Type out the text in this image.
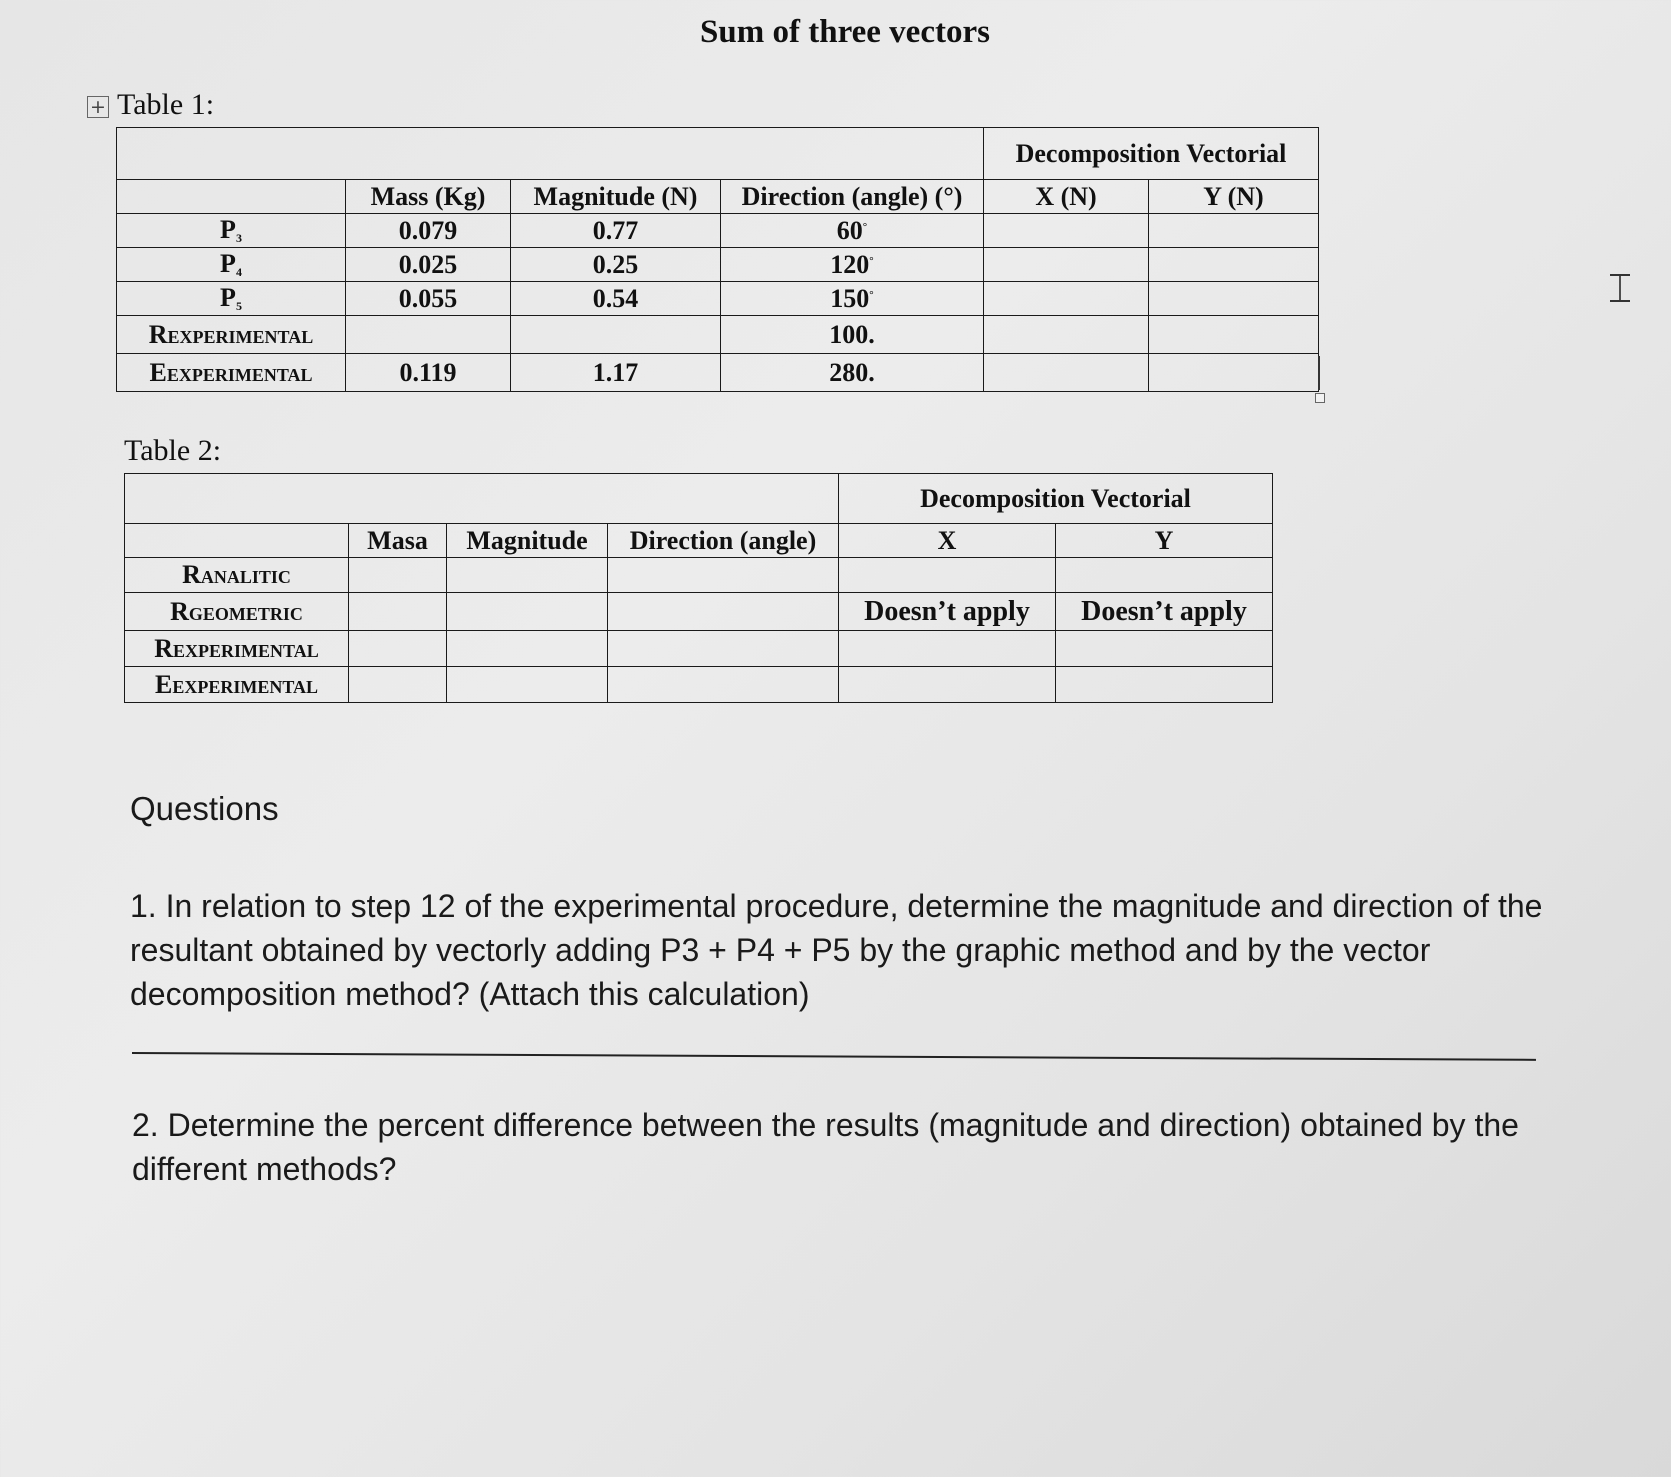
Sum of three vectors
+ Table 1:
				Decomposition Vectorial	
	Mass (Kg)	Magnitude (N)	Direction (angle) (°)	X (N)	Y (N)
$P_3$	0.079	0.77	60°		
$P_4$	0.025	0.25	120°		
$P_5$	0.055	0.54	150°		
Rexperimental			100.		
Eexperimental	0.119	1.17	280.		
⌶
Table 2:
				Decomposition Vectorial	
	Masa	Magnitude	Direction (angle)	X	Y
Ranalitic					
Rgeometric				Doesn’t apply	Doesn’t apply
Rexperimental					
Eexperimental					
Questions
1. In relation to step 12 of the experimental procedure, determine the magnitude and direction of the resultant obtained by vectorly adding P3 + P4 + P5 by the graphic method and by the vector decomposition method? (Attach this calculation)
2. Determine the percent difference between the results (magnitude and direction) obtained by the different methods?
